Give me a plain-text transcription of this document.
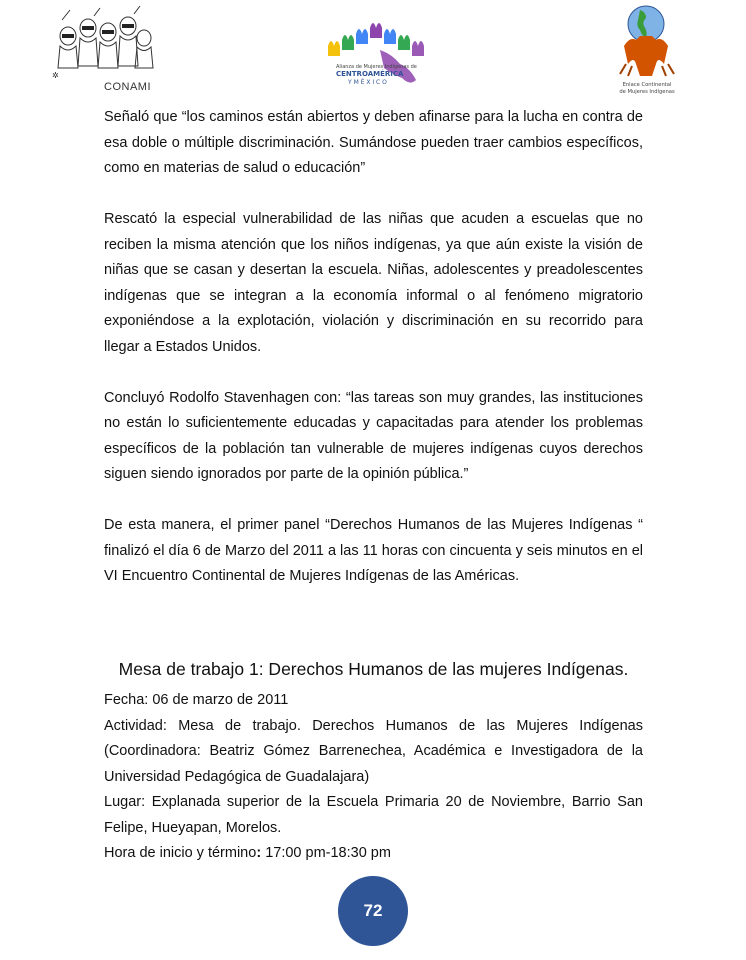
✲
CONAMI
Alianza de Mujeres Indígenas de
CENTROAMÉRICA
Y M É X I C O	Enlace Continental
de Mujeres Indígenas

Señaló que “los caminos están abiertos y deben afinarse para la lucha en contra de esa doble o múltiple discriminación. Sumándose pueden traer cambios específicos, como en materias de salud o educación”

Rescató la especial vulnerabilidad de las niñas que acuden a escuelas que no reciben la misma atención que los niños indígenas, ya que aún existe la visión de niñas que se casan y desertan la escuela. Niñas, adolescentes y preadolescentes indígenas que se integran a la economía informal o al fenómeno migratorio exponiéndose a la explotación, violación y discriminación en su recorrido para llegar a Estados Unidos.

Concluyó Rodolfo Stavenhagen con: “las tareas son muy grandes, las instituciones no están lo suficientemente educadas y capacitadas para atender los problemas específicos de la población tan vulnerable de mujeres indígenas cuyos derechos siguen siendo ignorados por parte de la opinión pública.”

De esta manera, el primer panel “Derechos Humanos de las Mujeres Indígenas “ finalizó el día 6 de Marzo del 2011 a las 11 horas con cincuenta y seis minutos en el VI Encuentro Continental de Mujeres Indígenas de las Américas.

Mesa de trabajo 1: Derechos Humanos de las mujeres Indígenas.

Fecha: 06 de marzo de 2011

Actividad: Mesa de trabajo. Derechos Humanos de las Mujeres Indígenas (Coordinadora: Beatriz Gómez Barrenechea, Académica e Investigadora de la Universidad Pedagógica de Guadalajara)

Lugar: Explanada superior de la Escuela Primaria 20 de Noviembre, Barrio San Felipe, Hueyapan, Morelos.

Hora de inicio y término: 17:00 pm-18:30 pm

72
